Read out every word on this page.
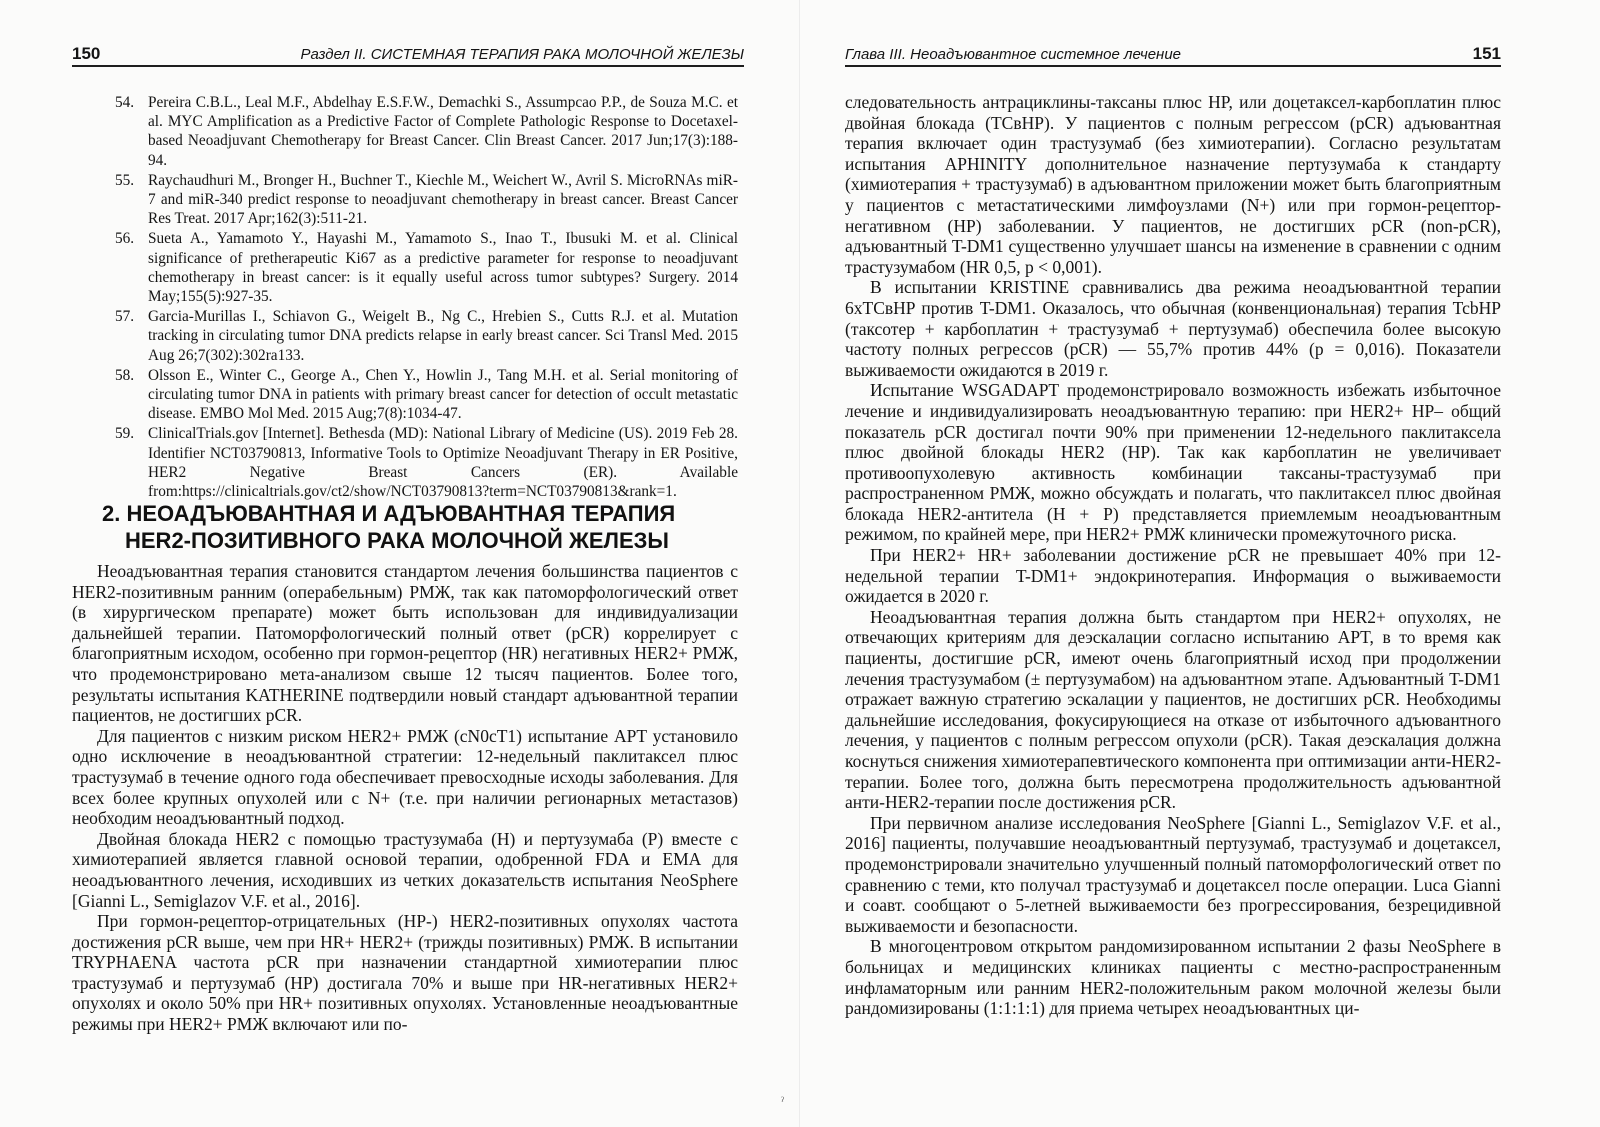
150	Раздел II. СИСТЕМНАЯ ТЕРАПИЯ РАКА МОЛОЧНОЙ ЖЕЛЕЗЫ
54. Pereira C.B.L., Leal M.F., Abdelhay E.S.F.W., Demachki S., Assumpcao P.P., de Souza M.C. et al. MYC Amplification as a Predictive Factor of Complete Pathologic Response to Docetaxel-based Neoadjuvant Chemotherapy for Breast Cancer. Clin Breast Cancer. 2017 Jun;17(3):188-94.
55. Raychaudhuri M., Bronger H., Buchner T., Kiechle M., Weichert W., Avril S. MicroRNAs miR-7 and miR-340 predict response to neoadjuvant chemotherapy in breast cancer. Breast Cancer Res Treat. 2017 Apr;162(3):511-21.
56. Sueta A., Yamamoto Y., Hayashi M., Yamamoto S., Inao T., Ibusuki M. et al. Clinical significance of pretherapeutic Ki67 as a predictive parameter for response to neoadjuvant chemotherapy in breast cancer: is it equally useful across tumor subtypes? Surgery. 2014 May;155(5):927-35.
57. Garcia-Murillas I., Schiavon G., Weigelt B., Ng C., Hrebien S., Cutts R.J. et al. Mutation tracking in circulating tumor DNA predicts relapse in early breast cancer. Sci Transl Med. 2015 Aug 26;7(302):302ra133.
58. Olsson E., Winter C., George A., Chen Y., Howlin J., Tang M.H. et al. Serial monitoring of circulating tumor DNA in patients with primary breast cancer for detection of occult metastatic disease. EMBO Mol Med. 2015 Aug;7(8):1034-47.
59. ClinicalTrials.gov [Internet]. Bethesda (MD): National Library of Medicine (US). 2019 Feb 28. Identifier NCT03790813, Informative Tools to Optimize Neoadjuvant Therapy in ER Positive, HER2 Negative Breast Cancers (ER). Available from:https://clinicaltrials.gov/ct2/show/NCT03790813?term=NCT03790813&rank=1.
2. НЕОАДЪЮВАНТНАЯ И АДЪЮВАНТНАЯ ТЕРАПИЯ
HER2-ПОЗИТИВНОГО РАКА МОЛОЧНОЙ ЖЕЛЕЗЫ

Неоадъювантная терапия становится стандартом лечения большинства пациентов с HER2-позитивным ранним (операбельным) РМЖ, так как патоморфологический ответ (в хирургическом препарате) может быть использован для индивидуализации дальнейшей терапии. Патоморфологический полный ответ (pCR) коррелирует с благоприятным исходом, особенно при гормон-рецептор (HR) негативных HER2+ РМЖ, что продемонстрировано мета-анализом свыше 12 тысяч пациентов. Более того, результаты испытания KATHERINE подтвердили новый стандарт адъювантной терапии пациентов, не достигших pCR.

Для пациентов с низким риском HER2+ РМЖ (cN0cT1) испытание APT установило одно исключение в неоадъювантной стратегии: 12-недельный паклитаксел плюс трастузумаб в течение одного года обеспечивает превосходные исходы заболевания. Для всех более крупных опухолей или с N+ (т.е. при наличии регионарных метастазов) необходим неоадъювантный подход.

Двойная блокада HER2 с помощью трастузумаба (H) и пертузумаба (P) вместе с химиотерапией является главной основой терапии, одобренной FDA и EMA для неоадъювантного лечения, исходивших из четких доказательств испытания NeoSphere [Gianni L., Semiglazov V.F. et al., 2016].

При гормон-рецептор-отрицательных (HP-) HER2-позитивных опухолях частота достижения pCR выше, чем при HR+ HER2+ (трижды позитивных) РМЖ. В испытании TRYPHAENA частота pCR при назначении стандартной химиотерапии плюс трастузумаб и пертузумаб (HP) достигала 70% и выше при HR-негативных HER2+ опухолях и около 50% при HR+ позитивных опухолях. Установленные неоадъювантные режимы при HER2+ РМЖ включают или по-

Глава III. Неоадъювантное системное лечение	151

следовательность антрациклины-таксаны плюс HP, или доцетаксел-карбоплатин плюс двойная блокада (TCвHP). У пациентов с полным регрессом (pCR) адъювантная терапия включает один трастузумаб (без химиотерапии). Согласно результатам испытания APHINITY дополнительное назначение пертузумаба к стандарту (химиотерапия + трастузумаб) в адъювантном приложении может быть благоприятным у пациентов с метастатическими лимфоузлами (N+) или при гормон-рецептор-негативном (HP) заболевании. У пациентов, не достигших pCR (non-pCR), адъювантный T-DM1 существенно улучшает шансы на изменение в сравнении с одним трастузумабом (HR 0,5, p < 0,001).

В испытании KRISTINE сравнивались два режима неоадъювантной терапии 6хTCвHP против T-DM1. Оказалось, что обычная (конвенциональная) терапия TcbHP (таксотер + карбоплатин + трастузумаб + пертузумаб) обеспечила более высокую частоту полных регрессов (pCR) — 55,7% против 44% (p = 0,016). Показатели выживаемости ожидаются в 2019 г.

Испытание WSGADAPT продемонстрировало возможность избежать избыточное лечение и индивидуализировать неоадъювантную терапию: при HER2+ HP– общий показатель pCR достигал почти 90% при применении 12-недельного паклитаксела плюс двойной блокады HER2 (HP). Так как карбоплатин не увеличивает противоопухолевую активность комбинации таксаны-трастузумаб при распространенном РМЖ, можно обсуждать и полагать, что паклитаксел плюс двойная блокада HER2-антитела (H + P) представляется приемлемым неоадъювантным режимом, по крайней мере, при HER2+ РМЖ клинически промежуточного риска.

При HER2+ HR+ заболевании достижение pCR не превышает 40% при 12-недельной терапии T-DM1+ эндокринотерапия. Информация о выживаемости ожидается в 2020 г.

Неоадъювантная терапия должна быть стандартом при HER2+ опухолях, не отвечающих критериям для деэскалации согласно испытанию APT, в то время как пациенты, достигшие pCR, имеют очень благоприятный исход при продолжении лечения трастузумабом (± пертузумабом) на адъювантном этапе. Адъювантный T-DM1 отражает важную стратегию эскалации у пациентов, не достигших pCR. Необходимы дальнейшие исследования, фокусирующиеся на отказе от избыточного адъювантного лечения, у пациентов с полным регрессом опухоли (pCR). Такая деэскалация должна коснуться снижения химиотерапевтического компонента при оптимизации анти-HER2-терапии. Более того, должна быть пересмотрена продолжительность адъювантной анти-HER2-терапии после достижения pCR.

При первичном анализе исследования NeoSphere [Gianni L., Semiglazov V.F. et al., 2016] пациенты, получавшие неоадъювантный пертузумаб, трастузумаб и доцетаксел, продемонстрировали значительно улучшенный полный патоморфологический ответ по сравнению с теми, кто получал трастузумаб и доцетаксел после операции. Luca Gianni и соавт. сообщают о 5-летней выживаемости без прогрессирования, безрецидивной выживаемости и безопасности.

В многоцентровом открытом рандомизированном испытании 2 фазы NeoSphere в больницах и медицинских клиниках пациенты с местно-распространенным инфламаторным или ранним HER2-положительным раком молочной железы были рандомизированы (1:1:1:1) для приема четырех неоадъювантных ци-

ˀ
